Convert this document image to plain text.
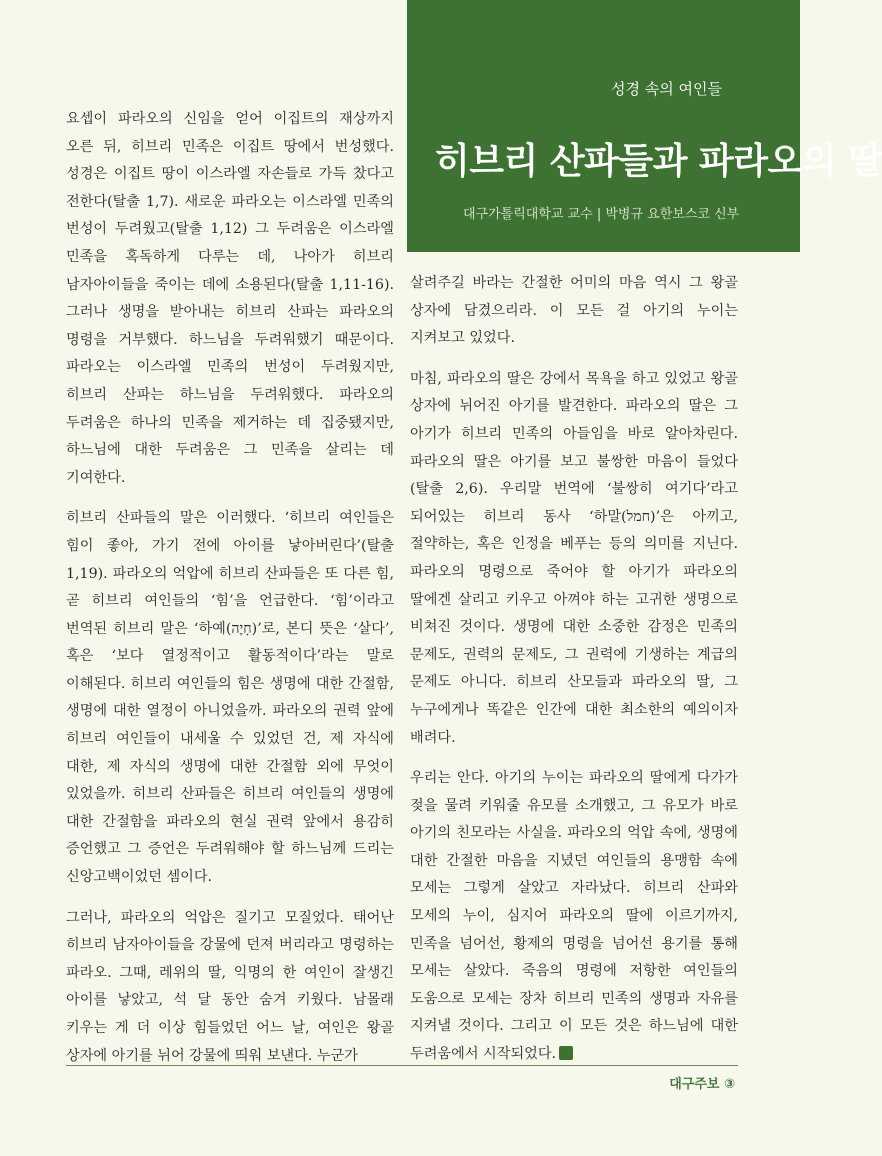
성경 속의 여인들
히브리 산파들과 파라오의 딸
대구가톨릭대학교 교수 | 박병규 요한보스코 신부

요셉이 파라오의 신임을 얻어 이집트의 재상까지 오른 뒤, 히브리 민족은 이집트 땅에서 번성했다. 성경은 이집트 땅이 이스라엘 자손들로 가득 찼다고 전한다(탈출 1,7). 새로운 파라오는 이스라엘 민족의 번성이 두려웠고(탈출 1,12) 그 두려움은 이스라엘 민족을 혹독하게 다루는 데, 나아가 히브리 남자아이들을 죽이는 데에 소용된다(탈출 1,11-16). 그러나 생명을 받아내는 히브리 산파는 파라오의 명령을 거부했다. 하느님을 두려워했기 때문이다. 파라오는 이스라엘 민족의 번성이 두려웠지만, 히브리 산파는 하느님을 두려워했다. 파라오의 두려움은 하나의 민족을 제거하는 데 집중됐지만, 하느님에 대한 두려움은 그 민족을 살리는 데 기여한다.

히브리 산파들의 말은 이러했다. ‘히브리 여인들은 힘이 좋아, 가기 전에 아이를 낳아버린다’(탈출 1,19). 파라오의 억압에 히브리 산파들은 또 다른 힘, 곧 히브리 여인들의 ‘힘’을 언급한다. ‘힘’이라고 번역된 히브리 말은 ‘하예(חָיֶה)’로, 본디 뜻은 ‘살다’, 혹은 ‘보다 열정적이고 활동적이다’라는 말로 이해된다. 히브리 여인들의 힘은 생명에 대한 간절함, 생명에 대한 열정이 아니었을까. 파라오의 권력 앞에 히브리 여인들이 내세울 수 있었던 건, 제 자식에 대한, 제 자식의 생명에 대한 간절함 외에 무엇이 있었을까. 히브리 산파들은 히브리 여인들의 생명에 대한 간절함을 파라오의 현실 권력 앞에서 용감히 증언했고 그 증언은 두려워해야 할 하느님께 드리는 신앙고백이었던 셈이다.

그러나, 파라오의 억압은 질기고 모질었다. 태어난 히브리 남자아이들을 강물에 던져 버리라고 명령하는 파라오. 그때, 레위의 딸, 익명의 한 여인이 잘생긴 아이를 낳았고, 석 달 동안 숨겨 키웠다. 남몰래 키우는 게 더 이상 힘들었던 어느 날, 여인은 왕골 상자에 아기를 뉘어 강물에 띄워 보낸다. 누군가

살려주길 바라는 간절한 어미의 마음 역시 그 왕골 상자에 담겼으리라. 이 모든 걸 아기의 누이는 지켜보고 있었다.

마침, 파라오의 딸은 강에서 목욕을 하고 있었고 왕골 상자에 뉘어진 아기를 발견한다. 파라오의 딸은 그 아기가 히브리 민족의 아들임을 바로 알아차린다. 파라오의 딸은 아기를 보고 불쌍한 마음이 들었다(탈출 2,6). 우리말 번역에 ‘불쌍히 여기다’라고 되어있는 히브리 동사 ‘하말(חמל)’은 아끼고, 절약하는, 혹은 인정을 베푸는 등의 의미를 지닌다. 파라오의 명령으로 죽어야 할 아기가 파라오의 딸에겐 살리고 키우고 아껴야 하는 고귀한 생명으로 비쳐진 것이다. 생명에 대한 소중한 감정은 민족의 문제도, 권력의 문제도, 그 권력에 기생하는 계급의 문제도 아니다. 히브리 산모들과 파라오의 딸, 그 누구에게나 똑같은 인간에 대한 최소한의 예의이자 배려다.

우리는 안다. 아기의 누이는 파라오의 딸에게 다가가 젖을 물려 키워줄 유모를 소개했고, 그 유모가 바로 아기의 친모라는 사실을. 파라오의 억압 속에, 생명에 대한 간절한 마음을 지녔던 여인들의 용맹함 속에 모세는 그렇게 살았고 자라났다. 히브리 산파와 모세의 누이, 심지어 파라오의 딸에 이르기까지, 민족을 넘어선, 황제의 명령을 넘어선 용기를 통해 모세는 살았다. 죽음의 명령에 저항한 여인들의 도움으로 모세는 장차 히브리 민족의 생명과 자유를 지켜낼 것이다. 그리고 이 모든 것은 하느님에 대한 두려움에서 시작되었다.

대구주보 ③
